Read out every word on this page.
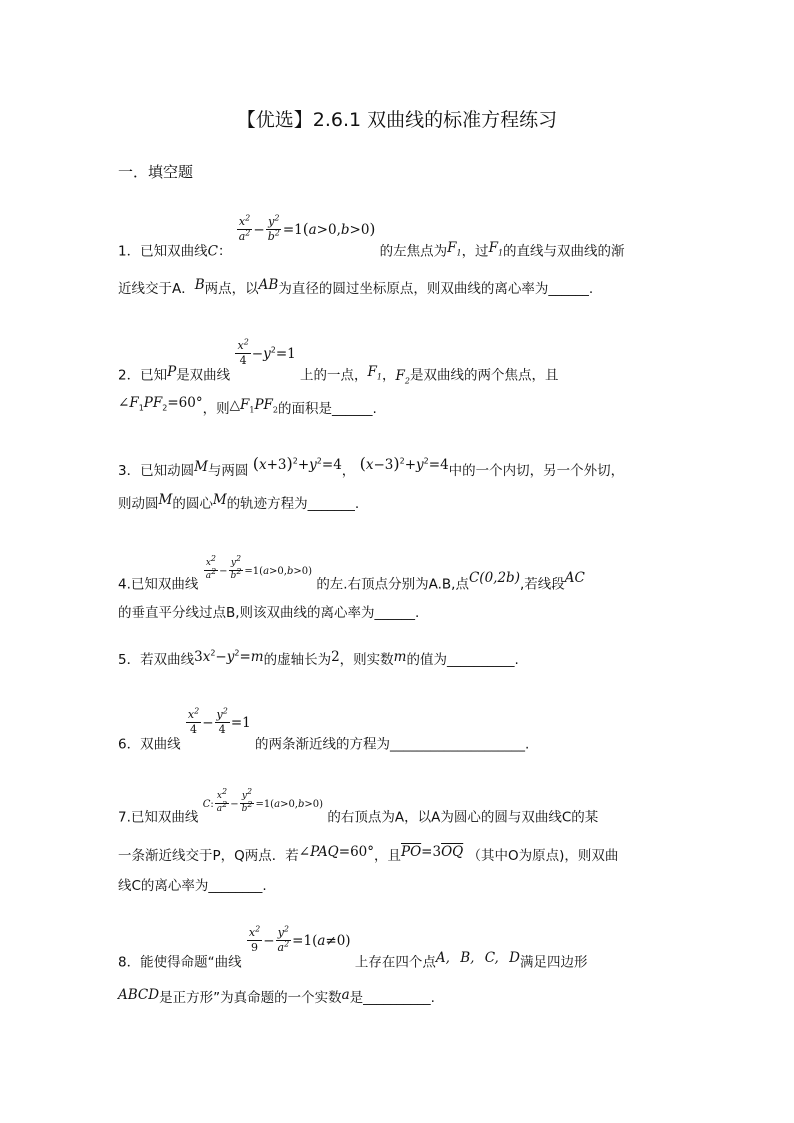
【优选】2.6.1 双曲线的标准方程练习
一．填空题
1．已知双曲线C：
$\frac{x^2}{a^2} - \frac{y^2}{b^2} =1(a>0,b>0)$ 的左焦点为$F_1$，过$F_1$的直线与双曲线的渐
近线交于A．B两点，以AB为直径的圆过坐标原点，则双曲线的离心率为______.
2．已知P是双曲线
$\frac{x^2}{4} -y^2=1$ 上的一点，$F_1$，$F_2$是双曲线的两个焦点，且
$\angle F_1PF_2=60^\circ$，则$\triangle F_1PF_2$的面积是______.
3．已知动圆M与两圆 $(x+3)^2+y^2=4$， $(x-3)^2+y^2=4$中的一个内切，另一个外切，
则动圆M的圆心M的轨迹方程为_______.
4.已知双曲线
$\frac{x^2}{a^2} - \frac{y^2}{b^2} =1(a>0,b>0)$ 的左.右顶点分别为A.B,点C(0,2b),若线段AC
的垂直平分线过点B,则该双曲线的离心率为______.
5．若双曲线$3x^2-y^2=m$的虚轴长为2，则实数m的值为__________.
6．双曲线
$\frac{x^2}{4} - \frac{y^2}{4} =1$ 的两条渐近线的方程为____________________.
7.已知双曲线 C: $\frac{x^2}{a^2} - \frac{y^2}{b^2} =1(a>0,b>0)$ 的右顶点为A，以A为圆心的圆与双曲线C的某
一条渐近线交于P，Q两点．若∠PAQ=60°，且$\overline{PO}=3\overline{OQ}$ （其中O为原点)，则双曲
线C的离心率为________.
8．能使得命题“曲线
$\frac{x^2}{9} - \frac{y^2}{a^2} =1(a\ne 0)$ 上存在四个点A, B, C, D满足四边形
ABCD是正方形”为真命题的一个实数a是__________.
